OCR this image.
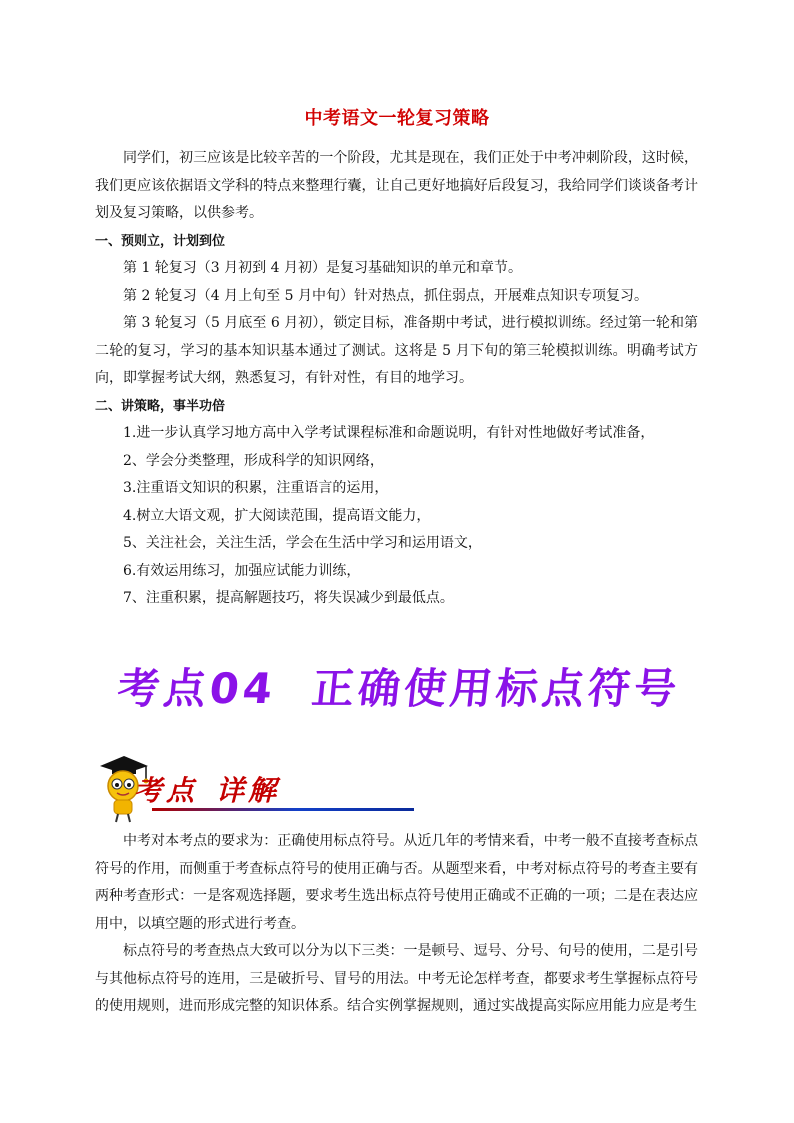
中考语文一轮复习策略

同学们，初三应该是比较辛苦的一个阶段，尤其是现在，我们正处于中考冲刺阶段，这时候，我们更应该依据语文学科的特点来整理行囊，让自己更好地搞好后段复习，我给同学们谈谈备考计划及复习策略，以供参考。

一、预则立，计划到位

第 1 轮复习（3 月初到 4 月初）是复习基础知识的单元和章节。

第 2 轮复习（4 月上旬至 5 月中旬）针对热点，抓住弱点，开展难点知识专项复习。

第 3 轮复习（5 月底至 6 月初），锁定目标，准备期中考试，进行模拟训练。经过第一轮和第二轮的复习，学习的基本知识基本通过了测试。这将是 5 月下旬的第三轮模拟训练。明确考试方向，即掌握考试大纲，熟悉复习，有针对性，有目的地学习。

二、讲策略，事半功倍

1.进一步认真学习地方高中入学考试课程标准和命题说明，有针对性地做好考试准备，

2、学会分类整理，形成科学的知识网络，

3.注重语文知识的积累，注重语言的运用，

4.树立大语文观，扩大阅读范围，提高语文能力，

5、关注社会，关注生活，学会在生活中学习和运用语文，

6.有效运用练习，加强应试能力训练，

7、注重积累，提高解题技巧，将失误减少到最低点。

考点04 正确使用标点符号
考点 详解

中考对本考点的要求为：正确使用标点符号。从近几年的考情来看，中考一般不直接考查标点符号的作用，而侧重于考查标点符号的使用正确与否。从题型来看，中考对标点符号的考查主要有两种考查形式：一是客观选择题，要求考生选出标点符号使用正确或不正确的一项；二是在表达应用中，以填空题的形式进行考查。

标点符号的考查热点大致可以分为以下三类：一是顿号、逗号、分号、句号的使用，二是引号与其他标点符号的连用，三是破折号、冒号的用法。中考无论怎样考查，都要求考生掌握标点符号的使用规则，进而形成完整的知识体系。结合实例掌握规则，通过实战提高实际应用能力应是考生
